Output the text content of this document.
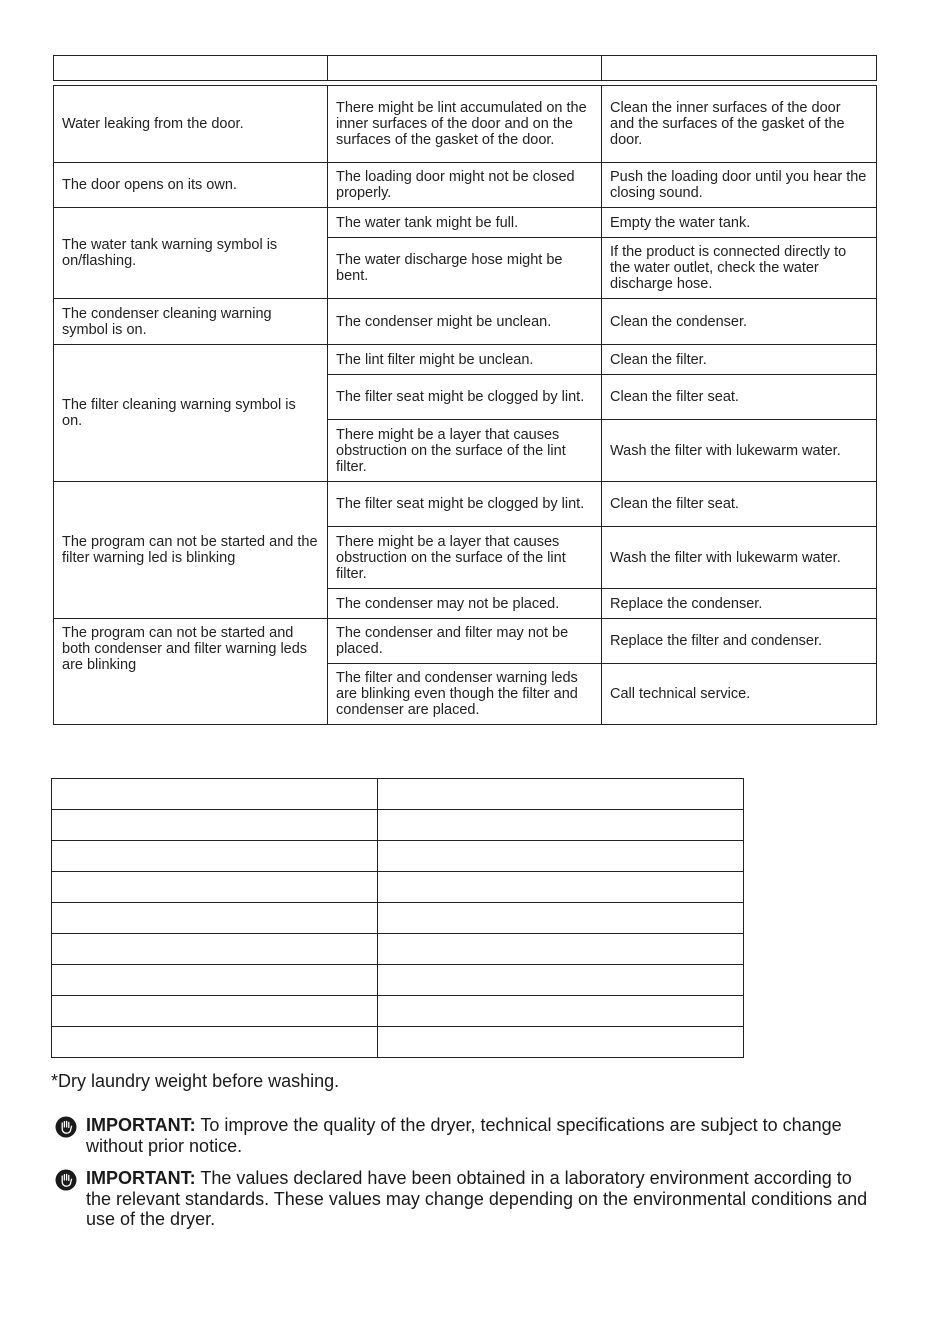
Water leaking from the door.	There might be lint accumulated on the inner surfaces of the door and on the surfaces of the gasket of the door.	Clean the inner surfaces of the door and the surfaces of the gasket of the door.
The door opens on its own.	The loading door might not be closed properly.	Push the loading door until you hear the closing sound.
The water tank warning symbol is on/flashing.	The water tank might be full.	Empty the water tank.
	The water discharge hose might be bent.	If the product is connected directly to the water outlet, check the water discharge hose.
The condenser cleaning warning symbol is on.	The condenser might be unclean.	Clean the condenser.
The filter cleaning warning symbol is on.	The lint filter might be unclean.	Clean the filter.
	The filter seat might be clogged by lint.	Clean the filter seat.
	There might be a layer that causes obstruction on the surface of the lint filter.	Wash the filter with lukewarm water.
The program can not be started and the filter warning led is blinking	The filter seat might be clogged by lint.	Clean the filter seat.
	There might be a layer that causes obstruction on the surface of the lint filter.	Wash the filter with lukewarm water.
	The condenser may not be placed.	Replace the condenser.
The program can not be started and both condenser and filter warning leds are blinking	The condenser and filter may not be placed.	Replace the filter and condenser.
	The filter and condenser warning leds are blinking even though the filter and condenser are placed.	Call technical service.

*Dry laundry weight before washing.
IMPORTANT: To improve the quality of the dryer, technical specifications are subject to change without prior notice.
IMPORTANT: The values declared have been obtained in a laboratory environment according to the relevant standards. These values may change depending on the environmental conditions and use of the dryer.
